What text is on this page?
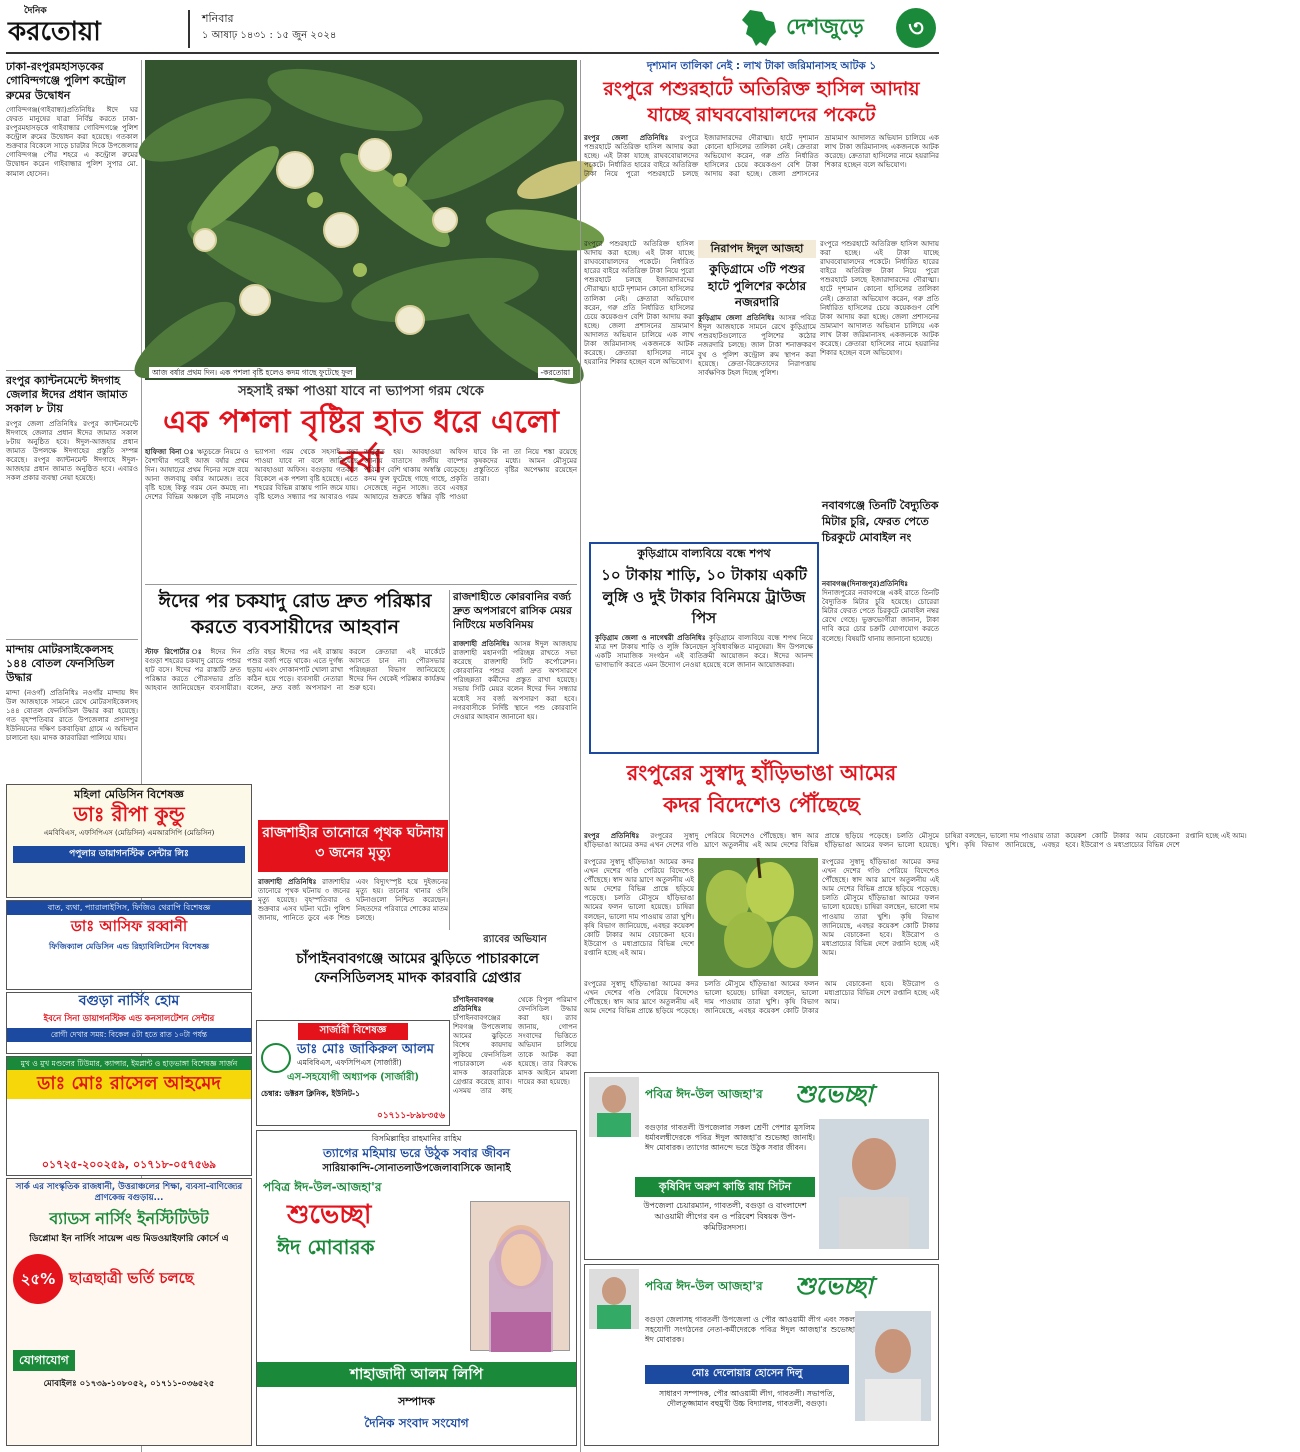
দৈনিক
করতোয়া	শনিবার
১ আষাঢ় ১৪৩১ : ১৫ জুন ২০২৪	দেশজুড়ে	৩
ঢাকা-রংপুরমহাসড়কের গোবিন্দগঞ্জে পুলিশ কন্ট্রোল রুমের উদ্বোধন
গোবিন্দগঞ্জ(গাইবান্ধা)প্রতিনিধিঃ ঈদে ঘর ফেরত মানুষের যাত্রা নির্বিঘ্ন করতে ঢাকা-রংপুরমহাসড়কে গাইবান্ধার গোবিন্দগঞ্জে পুলিশ কন্ট্রোল রুমের উদ্বোধন করা হয়েছে। গতকাল শুক্রবার বিকেলে সাড়ে চারটার দিকে উপজেলার গোবিন্দগঞ্জ পৌর শহরে এ কন্ট্রোল রুমের উদ্বোধন করেন গাইবান্ধার পুলিশ সুপার মো. কামাল হোসেন।
রংপুর ক্যান্টনমেন্টে ঈদগাহ জেলার ঈদের প্রধান জামাত সকাল ৮ টায়
রংপুর জেলা প্রতিনিধিঃ রংপুর ক্যান্টনমেন্টে ঈদগাহে জেলার প্রধান ঈদের জামাত সকাল ৮টায় অনুষ্ঠিত হবে। ঈদুল-আজহার প্রধান জামাত উপলক্ষে ঈদগাহের প্রস্তুতি সম্পন্ন করেছে। রংপুর ক্যান্টনমেন্ট ঈদগাহে ঈদুল-আজহার প্রধান জামাত অনুষ্ঠিত হবে। এবারও সকল প্রকার ব্যবস্থা নেয়া হয়েছে।
মান্দায় মোটরসাইকেলসহ ১৪৪ বোতল ফেনসিডিল উদ্ধার
মান্দা (নওগাঁ) প্রতিনিধিঃ নওগাঁর মান্দায় ঈদ উল আজহাকে সামনে রেখে মোটরসাইকেলসহ ১৪৪ বোতল ফেনসিডিল উদ্ধার করা হয়েছে। গত বৃহস্পতিবার রাতে উপজেলার প্রসাদপুর ইউনিয়নের দক্ষিণ চকবাড়িয়া গ্রামে এ অভিযান চালানো হয়। মাদক কারবারিরা পালিয়ে যায়।
আজ বর্ষার প্রথম দিন। এক পশলা বৃষ্টি হলেও কদম গাছে ফুটেছে ফুল	-করতোয়া
সহসাই রক্ষা পাওয়া যাবে না ভ্যাপসা গরম থেকে
এক পশলা বৃষ্টির হাত ধরে এলো বর্ষা
হাফিজা বিনা ঃ ঋতুচক্রে নিয়মে ও বৈশাখীর পরেই আজ বর্ষার প্রথম দিন। আষাঢ়ের প্রথম দিনের সঙ্গে বয়ে আনা জলবায়ু বর্ষার আমেজ। তবে বৃষ্টি হচ্ছে কিন্তু গরম যেন কমছে না। দেশের বিভিন্ন অঞ্চলে বৃষ্টি নামলেও ভ্যাপসা গরম থেকে সহসাই রক্ষা পাওয়া যাবে না বলে জানিয়েছে আবহাওয়া অফিস। বগুড়ায় গতকাল বিকেলে এক পশলা বৃষ্টি হয়েছে। এতে শহরের বিভিন্ন রাস্তায় পানি জমে যায়। বৃষ্টি হলেও সন্ধ্যার পর আবারও গরম অনুভূত হয়। আবহাওয়া অফিস জানায় বাতাসে জলীয় বাষ্পের পরিমাণ বেশি থাকায় অস্বস্তি বেড়েছে। কদম ফুল ফুটেছে গাছে গাছে, প্রকৃতি সেজেছে নতুন সাজে। তবে এবছর আষাঢ়ের শুরুতে স্বস্তির বৃষ্টি পাওয়া যাবে কি না তা নিয়ে শঙ্কা রয়েছে কৃষকদের মধ্যে। আমন মৌসুমের প্রস্তুতিতে বৃষ্টির অপেক্ষায় রয়েছেন তারা।
ঈদের পর চকযাদু রোড দ্রুত পরিষ্কার
করতে ব্যবসায়ীদের আহবান
স্টাফ রিপোর্টার ঃ ঈদের দিন বগুড়া শহরের চকযাদু রোডে পশুর হাট বসে। ঈদের পর রাস্তাটি দ্রুত পরিষ্কার করতে পৌরসভার প্রতি আহবান জানিয়েছেন ব্যবসায়ীরা। প্রতি বছর ঈদের পর এই রাস্তায় পশুর বর্জ্য পড়ে থাকে। এতে দুর্গন্ধ ছড়ায় এবং দোকানপাট খোলা রাখা কঠিন হয়ে পড়ে। ব্যবসায়ী নেতারা বলেন, দ্রুত বর্জ্য অপসারণ না করলে ক্রেতারা এই মার্কেটে আসতে চান না। পৌরসভার পরিচ্ছন্নতা বিভাগ জানিয়েছে ঈদের দিন থেকেই পরিষ্কার কার্যক্রম শুরু হবে।
রাজশাহীতে কোরবানির বর্জ্য দ্রুত অপসারণে রাসিক মেয়র নিটিংয়ে মতবিনিময়
রাজশাহী প্রতিনিধিঃ আসন্ন ঈদুল আজহায় রাজশাহী মহানগরী পরিচ্ছন্ন রাখতে সভা করেছে রাজশাহী সিটি কর্পোরেশন। কোরবানির পশুর বর্জ্য দ্রুত অপসারণে পরিচ্ছন্নতা কর্মীদের প্রস্তুত রাখা হয়েছে। সভায় সিটি মেয়র বলেন ঈদের দিন সন্ধ্যার মধ্যেই সব বর্জ্য অপসারণ করা হবে। নগরবাসীকে নির্দিষ্ট স্থানে পশু কোরবানি দেওয়ার আহবান জানানো হয়।
রাজশাহীর তানোরে পৃথক ঘটনায় ৩ জনের মৃত্যু
রাজশাহী প্রতিনিধিঃ রাজশাহীর তানোরে পৃথক ঘটনায় ৩ জনের মৃত্যু হয়েছে। বৃহস্পতিবার ও শুক্রবার এসব ঘটনা ঘটে। পুলিশ জানায়, পানিতে ডুবে এক শিশু এবং বিদ্যুৎস্পৃষ্ট হয়ে দুইজনের মৃত্যু হয়। তানোর থানার ওসি ঘটনাগুলো নিশ্চিত করেছেন। নিহতদের পরিবারে শোকের মাতম চলছে।
র‌্যাবের অভিযান
চাঁপাইনবাবগঞ্জে আমের ঝুড়িতে পাচারকালে ফেনসিডিলসহ মাদক কারবারি গ্রেপ্তার
চাঁপাইনবাবগঞ্জ প্রতিনিধিঃ চাঁপাইনবাবগঞ্জের শিবগঞ্জ উপজেলায় আমের ঝুড়িতে বিশেষ কায়দায় লুকিয়ে ফেনসিডিল পাচারকালে এক মাদক কারবারিকে গ্রেপ্তার করেছে র‌্যাব। এসময় তার কাছ থেকে বিপুল পরিমাণ ফেনসিডিল উদ্ধার করা হয়। র‌্যাব জানায়, গোপন সংবাদের ভিত্তিতে অভিযান চালিয়ে তাকে আটক করা হয়েছে। তার বিরুদ্ধে মাদক আইনে মামলা দায়ের করা হয়েছে।
মহিলা মেডিসিন বিশেষজ্ঞ
ডাঃ রীপা কুন্ডু
এমবিবিএস, এফসিপিএস (মেডিসিন) এমআরসিপি (মেডিসিন)
পপুলার ডায়াগনস্টিক সেন্টার লিঃ
বাত, ব্যথা, প্যারালাইসিস, ফিজিও থেরাপি বিশেষজ্ঞ
ডাঃ আসিফ রব্বানী
ফিজিক্যাল মেডিসিন এন্ড রিহ্যাবিলিটেশন বিশেষজ্ঞ
বগুড়া নার্সিং হোম
ইবনে সিনা ডায়াগনস্টিক এন্ড কনসালটেশন সেন্টার
রোগী দেখার সময়: বিকেল ৫টা হতে রাত ১০টা পর্যন্ত
মুখ ও মুখ মণ্ডলের টিউমার, ক্যান্সার, ইমপ্লান্ট ও হাড়ভাঙ্গা বিশেষজ্ঞ সার্জন
ডাঃ মোঃ রাসেল আহমেদ
০১৭২৫-২০০২৫৯, ০১৭১৮-০৫৭৫৬৯
সার্ক এর সাংস্কৃতিক রাজধানী, উত্তরাঞ্চলের শিক্ষা, ব্যবসা-বাণিজ্যের প্রাণকেন্দ্র বগুড়ায়...
ব্যাডস নার্সিং ইনস্টিটিউট
ডিপ্লোমা ইন নার্সিং সায়েন্স এন্ড মিডওয়াইফারি কোর্সে এ
২৫% ছাত্রছাত্রী ভর্তি চলছে
যোগাযোগ
মোবাইলঃ ০১৭৩৯-১০৮০৫২, ০১৭১১-০৩৬৫২৫
সার্জারী বিশেষজ্ঞ
ডাঃ মোঃ জাকিরুল আলম
এমবিবিএস, এফসিপিএস (সার্জারী)
এস-সহযোগী অধ্যাপক (সার্জারী)
চেম্বার: ডক্টরস ক্লিনিক, ইউনিট-১
০১৭১১-৮৯৮৩৫৬
বিসমিল্লাহির রাহমানির রাহিম
ত্যাগের মহিমায় ভরে উঠুক সবার জীবন
সারিয়াকান্দি-সোনাতলাউপজেলাবাসিকে জানাই
পবিত্র ঈদ-উল-আজহা'র
শুভেচ্ছা
ঈদ মোবারক
শাহাজাদী আলম লিপি
সম্পাদক
দৈনিক সংবাদ সংযোগ
দৃশ্যমান তালিকা নেই : লাখ টাকা জরিমানাসহ আটক ১
রংপুরে পশুরহাটে অতিরিক্ত হাসিল আদায়
যাচ্ছে রাঘববোয়ালদের পকেটে
রংপুর জেলা প্রতিনিধিঃ রংপুরে পশুরহাটে অতিরিক্ত হাসিল আদায় করা হচ্ছে। এই টাকা যাচ্ছে রাঘববোয়ালদের পকেটে। নির্ধারিত হারের বাইরে অতিরিক্ত টাকা নিয়ে পুরো পশুরহাটে চলছে ইজারাদারদের দৌরাত্ম্য। হাটে দৃশ্যমান কোনো হাসিলের তালিকা নেই। ক্রেতারা অভিযোগ করেন, গরু প্রতি নির্ধারিত হাসিলের চেয়ে কয়েকগুণ বেশি টাকা আদায় করা হচ্ছে। জেলা প্রশাসনের ভ্রাম্যমাণ আদালত অভিযান চালিয়ে এক লাখ টাকা জরিমানাসহ একজনকে আটক করেছে। ক্রেতারা হাসিলের নামে হয়রানির শিকার হচ্ছেন বলে অভিযোগ।
রংপুরে পশুরহাটে অতিরিক্ত হাসিল আদায় করা হচ্ছে। এই টাকা যাচ্ছে রাঘববোয়ালদের পকেটে। নির্ধারিত হারের বাইরে অতিরিক্ত টাকা নিয়ে পুরো পশুরহাটে চলছে ইজারাদারদের দৌরাত্ম্য। হাটে দৃশ্যমান কোনো হাসিলের তালিকা নেই। ক্রেতারা অভিযোগ করেন, গরু প্রতি নির্ধারিত হাসিলের চেয়ে কয়েকগুণ বেশি টাকা আদায় করা হচ্ছে। জেলা প্রশাসনের ভ্রাম্যমাণ আদালত অভিযান চালিয়ে এক লাখ টাকা জরিমানাসহ একজনকে আটক করেছে। ক্রেতারা হাসিলের নামে হয়রানির শিকার হচ্ছেন বলে অভিযোগ।
নিরাপদ ঈদুল আজহা
কুড়িগ্রামে ৩টি পশুর হাটে পুলিশের কঠোর নজরদারি
কুড়িগ্রাম জেলা প্রতিনিধিঃ আসন্ন পবিত্র ঈদুল আজহাকে সামনে রেখে কুড়িগ্রামে পশুরহাটগুলোতে পুলিশের কঠোর নজরদারি চলছে। জাল টাকা শনাক্তকরণ বুথ ও পুলিশ কন্ট্রোল রুম স্থাপন করা হয়েছে। ক্রেতা-বিক্রেতাদের নিরাপত্তায় সার্বক্ষণিক টহল দিচ্ছে পুলিশ।
রংপুরে পশুরহাটে অতিরিক্ত হাসিল আদায় করা হচ্ছে। এই টাকা যাচ্ছে রাঘববোয়ালদের পকেটে। নির্ধারিত হারের বাইরে অতিরিক্ত টাকা নিয়ে পুরো পশুরহাটে চলছে ইজারাদারদের দৌরাত্ম্য। হাটে দৃশ্যমান কোনো হাসিলের তালিকা নেই। ক্রেতারা অভিযোগ করেন, গরু প্রতি নির্ধারিত হাসিলের চেয়ে কয়েকগুণ বেশি টাকা আদায় করা হচ্ছে। জেলা প্রশাসনের ভ্রাম্যমাণ আদালত অভিযান চালিয়ে এক লাখ টাকা জরিমানাসহ একজনকে আটক করেছে। ক্রেতারা হাসিলের নামে হয়রানির শিকার হচ্ছেন বলে অভিযোগ।
কুড়িগ্রামে বাল্যবিয়ে বন্ধে শপথ
১০ টাকায় শাড়ি, ১০ টাকায় একটি লুঙ্গি ও দুই টাকার বিনিময়ে ট্রাউজ পিস
কুড়িগ্রাম জেলা ও নাগেশ্বরী প্রতিনিধিঃ কুড়িগ্রামে বাল্যবিয়ে বন্ধে শপথ নিয়ে মাত্র দশ টাকায় শাড়ি ও লুঙ্গি কিনেছেন সুবিধাবঞ্চিত মানুষেরা। ঈদ উপলক্ষে একটি সামাজিক সংগঠন এই ব্যতিক্রমী আয়োজন করে। ঈদের আনন্দ ভাগাভাগি করতে এমন উদ্যোগ নেওয়া হয়েছে বলে জানান আয়োজকরা।
নবাবগঞ্জে তিনটি বৈদ্যুতিক মিটার চুরি, ফেরত পেতে চিরকুটে মোবাইল নং
নবাবগঞ্জ(দিনাজপুর)প্রতিনিধিঃ দিনাজপুরের নবাবগঞ্জে একই রাতে তিনটি বৈদ্যুতিক মিটার চুরি হয়েছে। চোরেরা মিটার ফেরত পেতে চিরকুটে মোবাইল নম্বর রেখে গেছে। ভুক্তভোগীরা জানান, টাকা দাবি করে চোর চক্রটি যোগাযোগ করতে বলেছে। বিষয়টি থানায় জানানো হয়েছে।
রংপুরের সুস্বাদু হাঁড়িভাঙা আমের
কদর বিদেশেও পৌঁছেছে
রংপুর প্রতিনিধিঃ রংপুরের সুস্বাদু হাঁড়িভাঙা আমের কদর এখন দেশের গণ্ডি পেরিয়ে বিদেশেও পৌঁছেছে। স্বাদ আর ঘ্রাণে অতুলনীয় এই আম দেশের বিভিন্ন প্রান্তে ছড়িয়ে পড়েছে। চলতি মৌসুমে হাঁড়িভাঙা আমের ফলন ভালো হয়েছে। চাষিরা বলছেন, ভালো দাম পাওয়ায় তারা খুশি। কৃষি বিভাগ জানিয়েছে, এবছর কয়েকশ কোটি টাকার আম বেচাকেনা হবে। ইউরোপ ও মধ্যপ্রাচ্যের বিভিন্ন দেশে রপ্তানি হচ্ছে এই আম।
রংপুরের সুস্বাদু হাঁড়িভাঙা আমের কদর এখন দেশের গণ্ডি পেরিয়ে বিদেশেও পৌঁছেছে। স্বাদ আর ঘ্রাণে অতুলনীয় এই আম দেশের বিভিন্ন প্রান্তে ছড়িয়ে পড়েছে। চলতি মৌসুমে হাঁড়িভাঙা আমের ফলন ভালো হয়েছে। চাষিরা বলছেন, ভালো দাম পাওয়ায় তারা খুশি। কৃষি বিভাগ জানিয়েছে, এবছর কয়েকশ কোটি টাকার আম বেচাকেনা হবে। ইউরোপ ও মধ্যপ্রাচ্যের বিভিন্ন দেশে রপ্তানি হচ্ছে এই আম।
রংপুরের সুস্বাদু হাঁড়িভাঙা আমের কদর এখন দেশের গণ্ডি পেরিয়ে বিদেশেও পৌঁছেছে। স্বাদ আর ঘ্রাণে অতুলনীয় এই আম দেশের বিভিন্ন প্রান্তে ছড়িয়ে পড়েছে। চলতি মৌসুমে হাঁড়িভাঙা আমের ফলন ভালো হয়েছে। চাষিরা বলছেন, ভালো দাম পাওয়ায় তারা খুশি। কৃষি বিভাগ জানিয়েছে, এবছর কয়েকশ কোটি টাকার আম বেচাকেনা হবে। ইউরোপ ও মধ্যপ্রাচ্যের বিভিন্ন দেশে রপ্তানি হচ্ছে এই আম।
রংপুরের সুস্বাদু হাঁড়িভাঙা আমের কদর এখন দেশের গণ্ডি পেরিয়ে বিদেশেও পৌঁছেছে। স্বাদ আর ঘ্রাণে অতুলনীয় এই আম দেশের বিভিন্ন প্রান্তে ছড়িয়ে পড়েছে। চলতি মৌসুমে হাঁড়িভাঙা আমের ফলন ভালো হয়েছে। চাষিরা বলছেন, ভালো দাম পাওয়ায় তারা খুশি। কৃষি বিভাগ জানিয়েছে, এবছর কয়েকশ কোটি টাকার আম বেচাকেনা হবে। ইউরোপ ও মধ্যপ্রাচ্যের বিভিন্ন দেশে রপ্তানি হচ্ছে এই আম।
পবিত্র ঈদ-উল আজহা'র শুভেচ্ছা
বগুড়ার গাবতলী উপজেলার সকল শ্রেণী পেশার মুসলিম ধর্মাবলম্বীদেরকে পবিত্র ঈদুল আজহা'র শুভেচ্ছা জানাই। ঈদ মোবারক। ত্যাগের আনন্দে ভরে উঠুক সবার জীবন।
কৃষিবিদ অরুণ কান্তি রায় সিটন
উপজেলা চেয়ারম্যান, গাবতলী, বগুড়া ও বাংলাদেশ আওয়ামী লীগের বন ও পরিবেশ বিষয়ক উপ-কমিটিরসদস্য।
পবিত্র ঈদ-উল আজহা'র শুভেচ্ছা
বগুড়া জেলাসহ গাবতলী উপজেলা ও পৌর আওয়ামী লীগ এবং সকল সহযোগী সংগঠনের নেতা-কর্মীদেরকে পবিত্র ঈদুল আজহা'র শুভেচ্ছা ঈদ মোবারক।
মোঃ দেলোয়ার হোসেন দিলু
সাধারণ সম্পাদক, পৌর আওয়ামী লীগ, গাবতলী। সভাপতি, দৌলতুজ্জামান বহুমুখী উচ্চ বিদ্যালয়, গাবতলী, বগুড়া।
